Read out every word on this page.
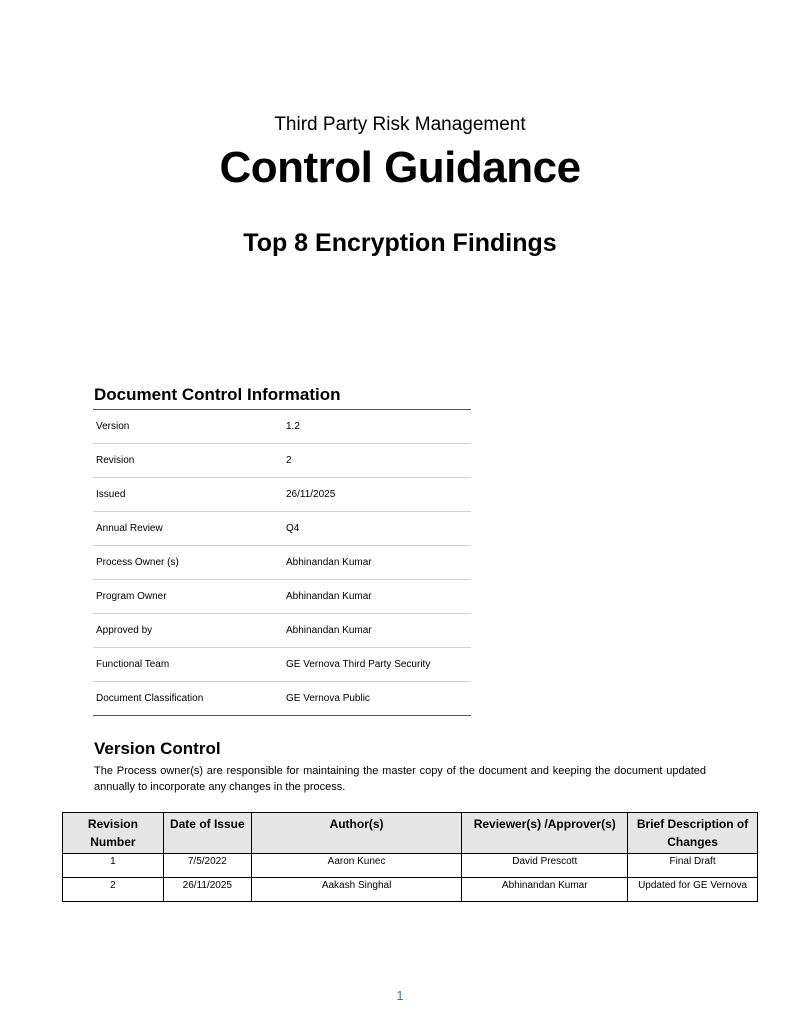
Third Party Risk Management
Control Guidance
Top 8 Encryption Findings
Document Control Information
Version	1.2
Revision	2
Issued	26/11/2025
Annual Review	Q4
Process Owner (s)	Abhinandan Kumar
Program Owner	Abhinandan Kumar
Approved by	Abhinandan Kumar
Functional Team	GE Vernova Third Party Security
Document Classification	GE Vernova Public
Version Control
The Process owner(s) are responsible for maintaining the master copy of the document and keeping the document updated annually to incorporate any changes in the process.
Revision Number	Date of Issue	Author(s)	Reviewer(s) /Approver(s)	Brief Description of Changes
1	7/5/2022	Aaron Kunec	David Prescott	Final Draft
2	26/11/2025	Aakash Singhal	Abhinandan Kumar	Updated for GE Vernova
1
